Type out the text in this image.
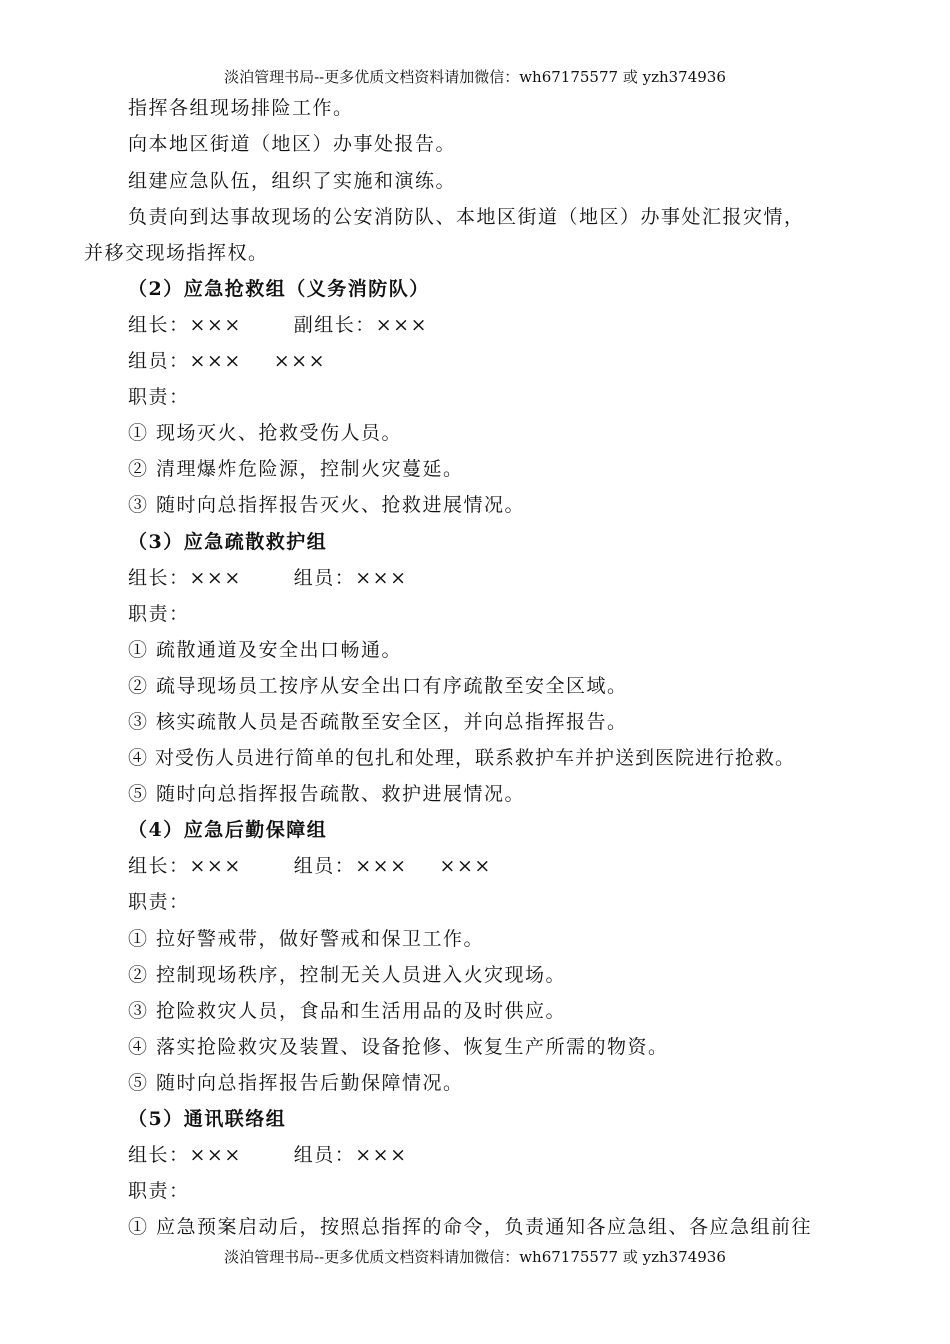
淡泊管理书局--更多优质文档资料请加微信：wh67175577 或 yzh374936
指挥各组现场排险工作。
向本地区街道（地区）办事处报告。
组建应急队伍，组织了实施和演练。
负责向到达事故现场的公安消防队、本地区街道（地区）办事处汇报灾情，
并移交现场指挥权。
（2）应急抢救组（义务消防队）
组长：×××	副组长：×××
组员：××× ×××
职责：
① 现场灭火、抢救受伤人员。
② 清理爆炸危险源，控制火灾蔓延。
③ 随时向总指挥报告灭火、抢救进展情况。
（3）应急疏散救护组
组长：×××	组员：×××
职责：
① 疏散通道及安全出口畅通。
② 疏导现场员工按序从安全出口有序疏散至安全区域。
③ 核实疏散人员是否疏散至安全区，并向总指挥报告。
④ 对受伤人员进行简单的包扎和处理，联系救护车并护送到医院进行抢救。
⑤ 随时向总指挥报告疏散、救护进展情况。
（4）应急后勤保障组
组长：×××	组员：××× ×××
职责：
① 拉好警戒带，做好警戒和保卫工作。
② 控制现场秩序，控制无关人员进入火灾现场。
③ 抢险救灾人员，食品和生活用品的及时供应。
④ 落实抢险救灾及装置、设备抢修、恢复生产所需的物资。
⑤ 随时向总指挥报告后勤保障情况。
（5）通讯联络组
组长：×××	组员：×××
职责：
① 应急预案启动后，按照总指挥的命令，负责通知各应急组、各应急组前往
淡泊管理书局--更多优质文档资料请加微信：wh67175577 或 yzh374936
